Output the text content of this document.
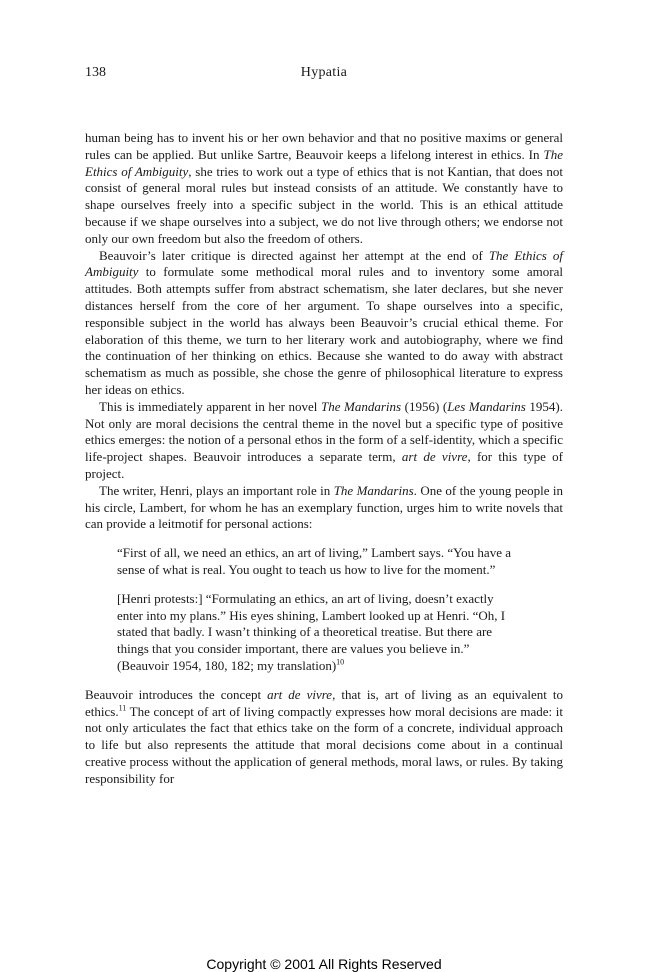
138	Hypatia

human being has to invent his or her own behavior and that no positive maxims or general rules can be applied. But unlike Sartre, Beauvoir keeps a lifelong interest in ethics. In The Ethics of Ambiguity, she tries to work out a type of ethics that is not Kantian, that does not consist of general moral rules but instead consists of an attitude. We constantly have to shape ourselves freely into a specific subject in the world. This is an ethical attitude because if we shape ourselves into a subject, we do not live through others; we endorse not only our own freedom but also the freedom of others.

Beauvoir’s later critique is directed against her attempt at the end of The Ethics of Ambiguity to formulate some methodical moral rules and to inventory some amoral attitudes. Both attempts suffer from abstract schematism, she later declares, but she never distances herself from the core of her argument. To shape ourselves into a specific, responsible subject in the world has always been Beauvoir’s crucial ethical theme. For elaboration of this theme, we turn to her literary work and autobiography, where we find the continuation of her thinking on ethics. Because she wanted to do away with abstract schematism as much as possible, she chose the genre of philosophical literature to express her ideas on ethics.

This is immediately apparent in her novel The Mandarins (1956) (Les Mandarins 1954). Not only are moral decisions the central theme in the novel but a specific type of positive ethics emerges: the notion of a personal ethos in the form of a self-identity, which a specific life-project shapes. Beauvoir introduces a separate term, art de vivre, for this type of project.

The writer, Henri, plays an important role in The Mandarins. One of the young people in his circle, Lambert, for whom he has an exemplary function, urges him to write novels that can provide a leitmotif for personal actions:

“First of all, we need an ethics, an art of living,” Lambert says. “You have a sense of what is real. You ought to teach us how to live for the moment.”

[Henri protests:] “Formulating an ethics, an art of living, doesn’t exactly enter into my plans.” His eyes shining, Lambert looked up at Henri. “Oh, I stated that badly. I wasn’t thinking of a theoretical treatise. But there are things that you consider important, there are values you believe in.” (Beauvoir 1954, 180, 182; my translation)$^{10}$

Beauvoir introduces the concept art de vivre, that is, art of living as an equivalent to ethics.$^{11}$ The concept of art of living compactly expresses how moral decisions are made: it not only articulates the fact that ethics take on the form of a concrete, individual approach to life but also represents the attitude that moral decisions come about in a continual creative process without the application of general methods, moral laws, or rules. By taking responsibility for

Copyright © 2001 All Rights Reserved
